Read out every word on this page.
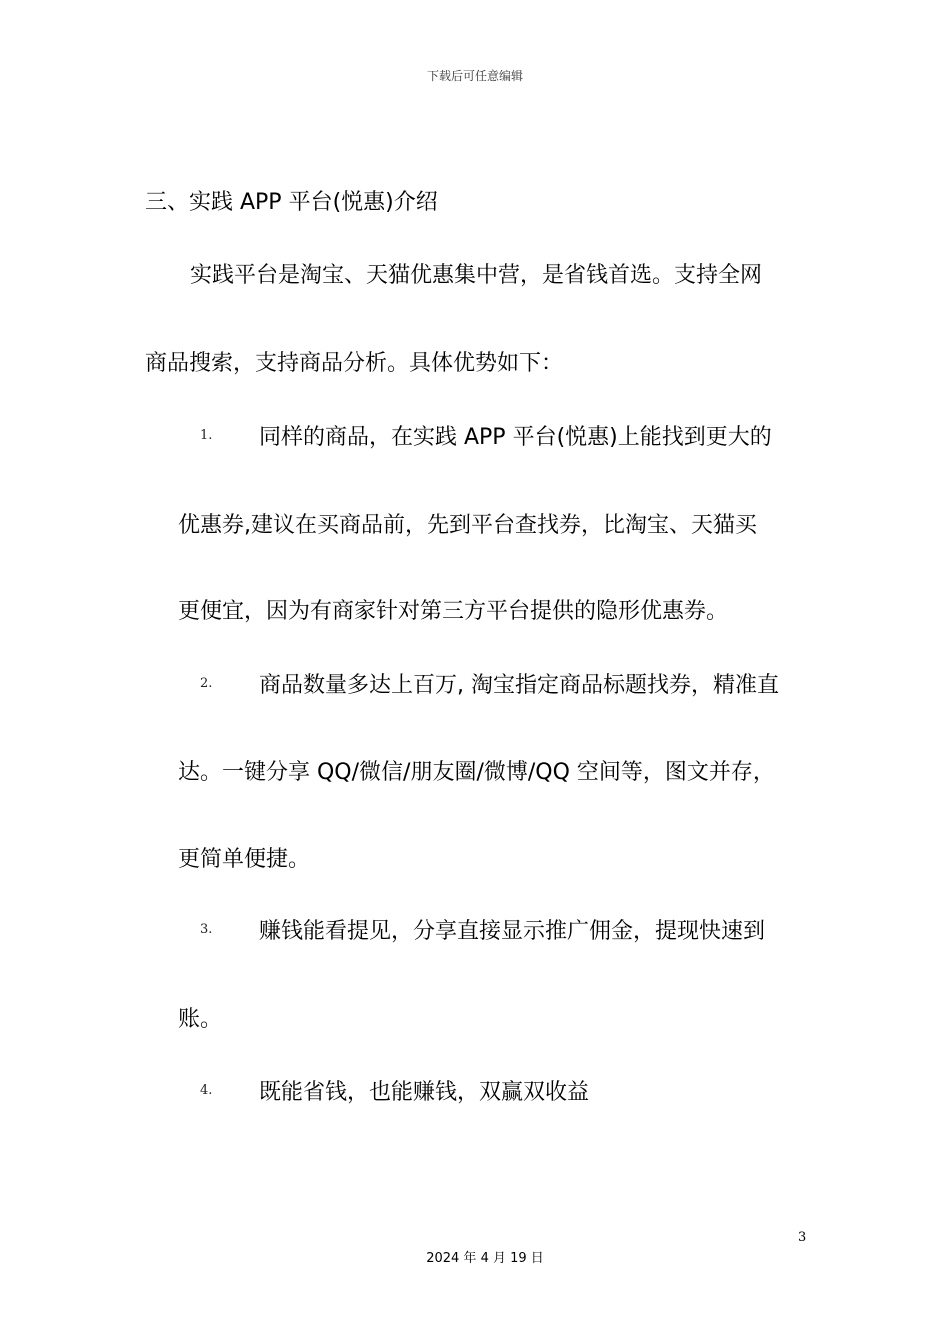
下载后可任意编辑
三、实践 APP 平台(悦惠)介绍
实践平台是淘宝、天猫优惠集中营，是省钱首选。支持全网
商品搜索，支持商品分析。具体优势如下：
1. 同样的商品，在实践 APP 平台(悦惠)上能找到更大的
优惠券,建议在买商品前，先到平台查找券，比淘宝、天猫买
更便宜，因为有商家针对第三方平台提供的隐形优惠券。
2. 商品数量多达上百万, 淘宝指定商品标题找券，精准直
达。一键分享 QQ/微信/朋友圈/微博/QQ 空间等，图文并存，
更简单便捷。
3. 赚钱能看提见，分享直接显示推广佣金，提现快速到
账。
4. 既能省钱，也能赚钱，双赢双收益
3
2024 年 4 月 19 日
